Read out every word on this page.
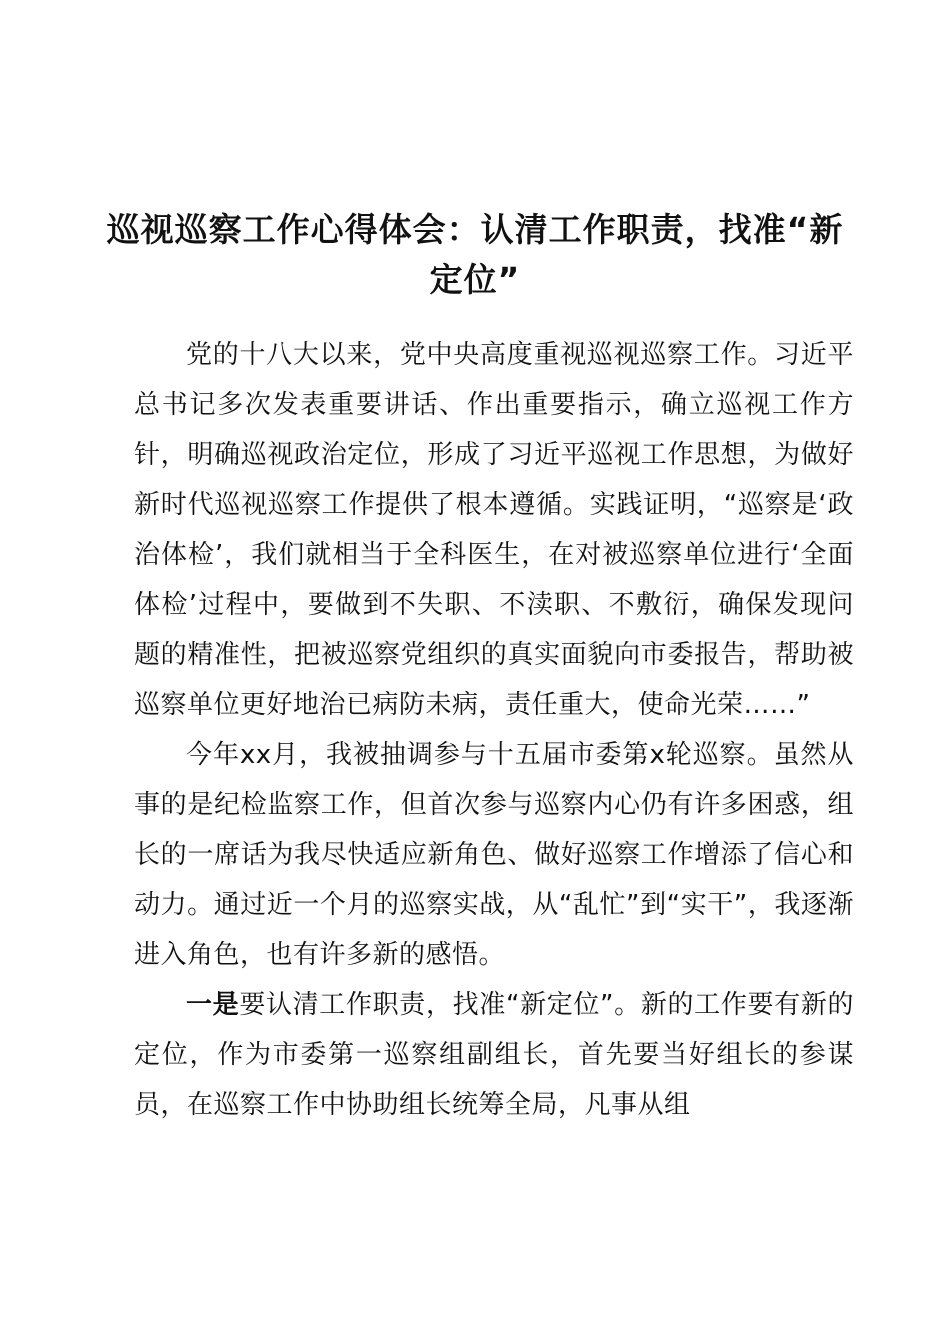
巡视巡察工作心得体会：认清工作职责，找准“新定位”

党的十八大以来，党中央高度重视巡视巡察工作。习近平总书记多次发表重要讲话、作出重要指示，确立巡视工作方针，明确巡视政治定位，形成了习近平巡视工作思想，为做好新时代巡视巡察工作提供了根本遵循。实践证明，“巡察是‘政治体检’，我们就相当于全科医生，在对被巡察单位进行‘全面体检’过程中，要做到不失职、不渎职、不敷衍，确保发现问题的精准性，把被巡察党组织的真实面貌向市委报告，帮助被巡察单位更好地治已病防未病，责任重大，使命光荣……”

今年xx月，我被抽调参与十五届市委第x轮巡察。虽然从事的是纪检监察工作，但首次参与巡察内心仍有许多困惑，组长的一席话为我尽快适应新角色、做好巡察工作增添了信心和动力。通过近一个月的巡察实战，从“乱忙”到“实干”，我逐渐进入角色，也有许多新的感悟。

一是要认清工作职责，找准“新定位”。新的工作要有新的定位，作为市委第一巡察组副组长，首先要当好组长的参谋员，在巡察工作中协助组长统筹全局，凡事从组
